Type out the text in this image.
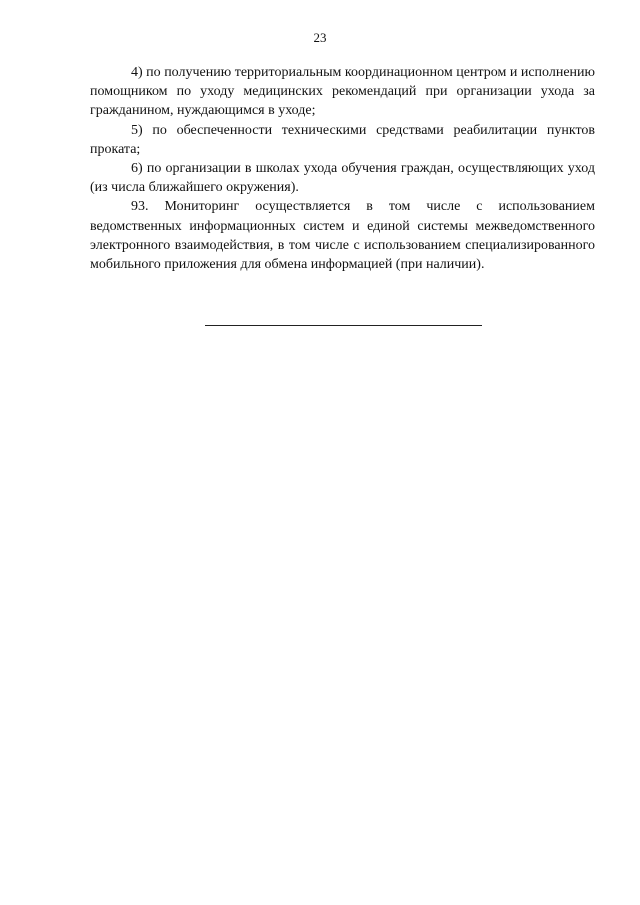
23

4) по получению территориальным координационном центром и исполнению помощником по уходу медицинских рекомендаций при организации ухода за гражданином, нуждающимся в уходе;

5) по обеспеченности техническими средствами реабилитации пунктов проката;

6) по организации в школах ухода обучения граждан, осуществляющих уход (из числа ближайшего окружения).

93. Мониторинг осуществляется в том числе с использованием ведомственных информационных систем и единой системы межведомственного электронного взаимодействия, в том числе с использованием специализированного мобильного приложения для обмена информацией (при наличии).
